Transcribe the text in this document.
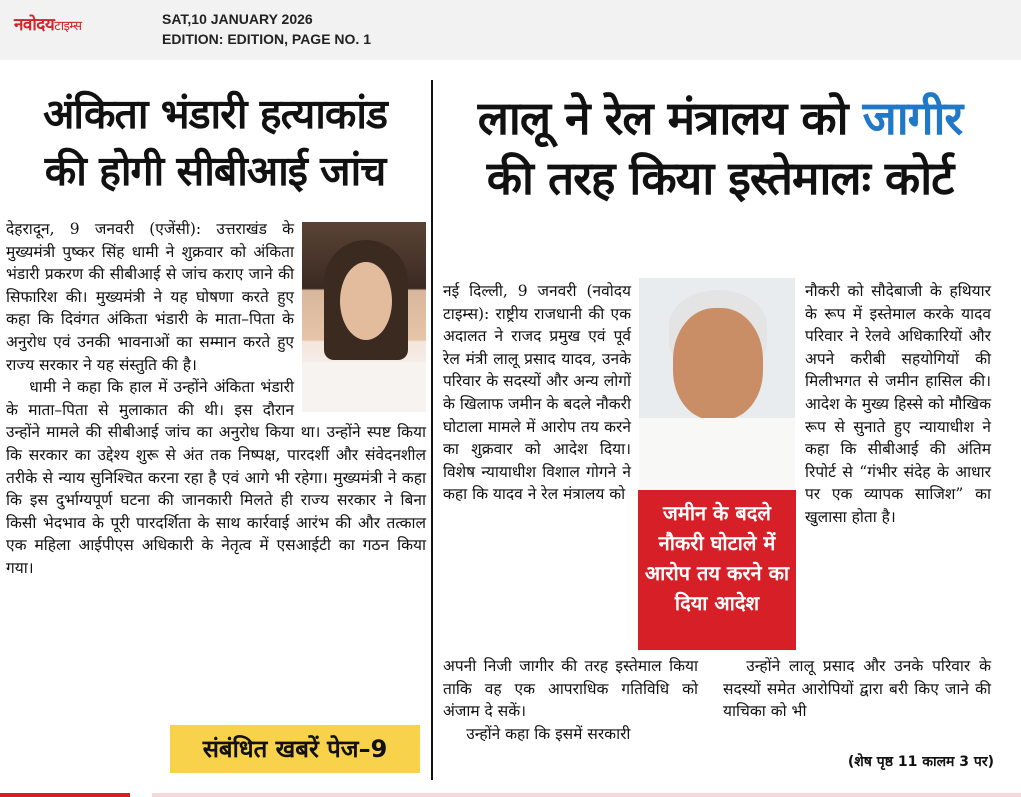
नवोदयटाइम्स	SAT,10 JANUARY 2026
EDITION: EDITION, PAGE NO. 1
अंकिता भंडारी हत्याकांड
की होगी सीबीआई जांच

देहरादून, 9 जनवरी (एजेंसी): उत्तराखंड के मुख्यमंत्री पुष्कर सिंह धामी ने शुक्रवार को अंकिता भंडारी प्रकरण की सीबीआई से जांच कराए जाने की सिफारिश की। मुख्यमंत्री ने यह घोषणा करते हुए कहा कि दिवंगत अंकिता भंडारी के माता–पिता के अनुरोध एवं उनकी भावनाओं का सम्मान करते हुए राज्य सरकार ने यह संस्तुति की है।

धामी ने कहा कि हाल में उन्होंने अंकिता भंडारी के माता–पिता से मुलाकात की थी। इस दौरान उन्होंने मामले की सीबीआई जांच का अनुरोध किया था। उन्होंने स्पष्ट किया कि सरकार का उद्देश्य शुरू से अंत तक निष्पक्ष, पारदर्शी और संवेदनशील तरीके से न्याय सुनिश्चित करना रहा है एवं आगे भी रहेगा। मुख्यमंत्री ने कहा कि इस दुर्भाग्यपूर्ण घटना की जानकारी मिलते ही राज्य सरकार ने बिना किसी भेदभाव के पूरी पारदर्शिता के साथ कार्रवाई आरंभ की और तत्काल एक महिला आईपीएस अधिकारी के नेतृत्व में एसआईटी का गठन किया गया।

संबंधित खबरें पेज–9
लालू ने रेल मंत्रालय को जागीर
की तरह किया इस्तेमालः कोर्ट

नई दिल्ली, 9 जनवरी (नवोदय टाइम्स): राष्ट्रीय राजधानी की एक अदालत ने राजद प्रमुख एवं पूर्व रेल मंत्री लालू प्रसाद यादव, उनके परिवार के सदस्यों और अन्य लोगों के खिलाफ जमीन के बदले नौकरी घोटाला मामले में आरोप तय करने का शुक्रवार को आदेश दिया। विशेष न्यायाधीश विशाल गोगने ने कहा कि यादव ने रेल मंत्रालय को

जमीन के बदले नौकरी घोटाले में आरोप तय करने का दिया आदेश

नौकरी को सौदेबाजी के हथियार के रूप में इस्तेमाल करके यादव परिवार ने रेलवे अधिकारियों और अपने करीबी सहयोगियों की मिलीभगत से जमीन हासिल की। आदेश के मुख्य हिस्से को मौखिक रूप से सुनाते हुए न्यायाधीश ने कहा कि सीबीआई की अंतिम रिपोर्ट से “गंभीर संदेह के आधार पर एक व्यापक साजिश” का खुलासा होता है।

अपनी निजी जागीर की तरह इस्तेमाल किया ताकि वह एक आपराधिक गतिविधि को अंजाम दे सकें।

उन्होंने कहा कि इसमें सरकारी

उन्होंने लालू प्रसाद और उनके परिवार के सदस्यों समेत आरोपियों द्वारा बरी किए जाने की याचिका को भी

(शेष पृष्ठ 11 कालम 3 पर)
